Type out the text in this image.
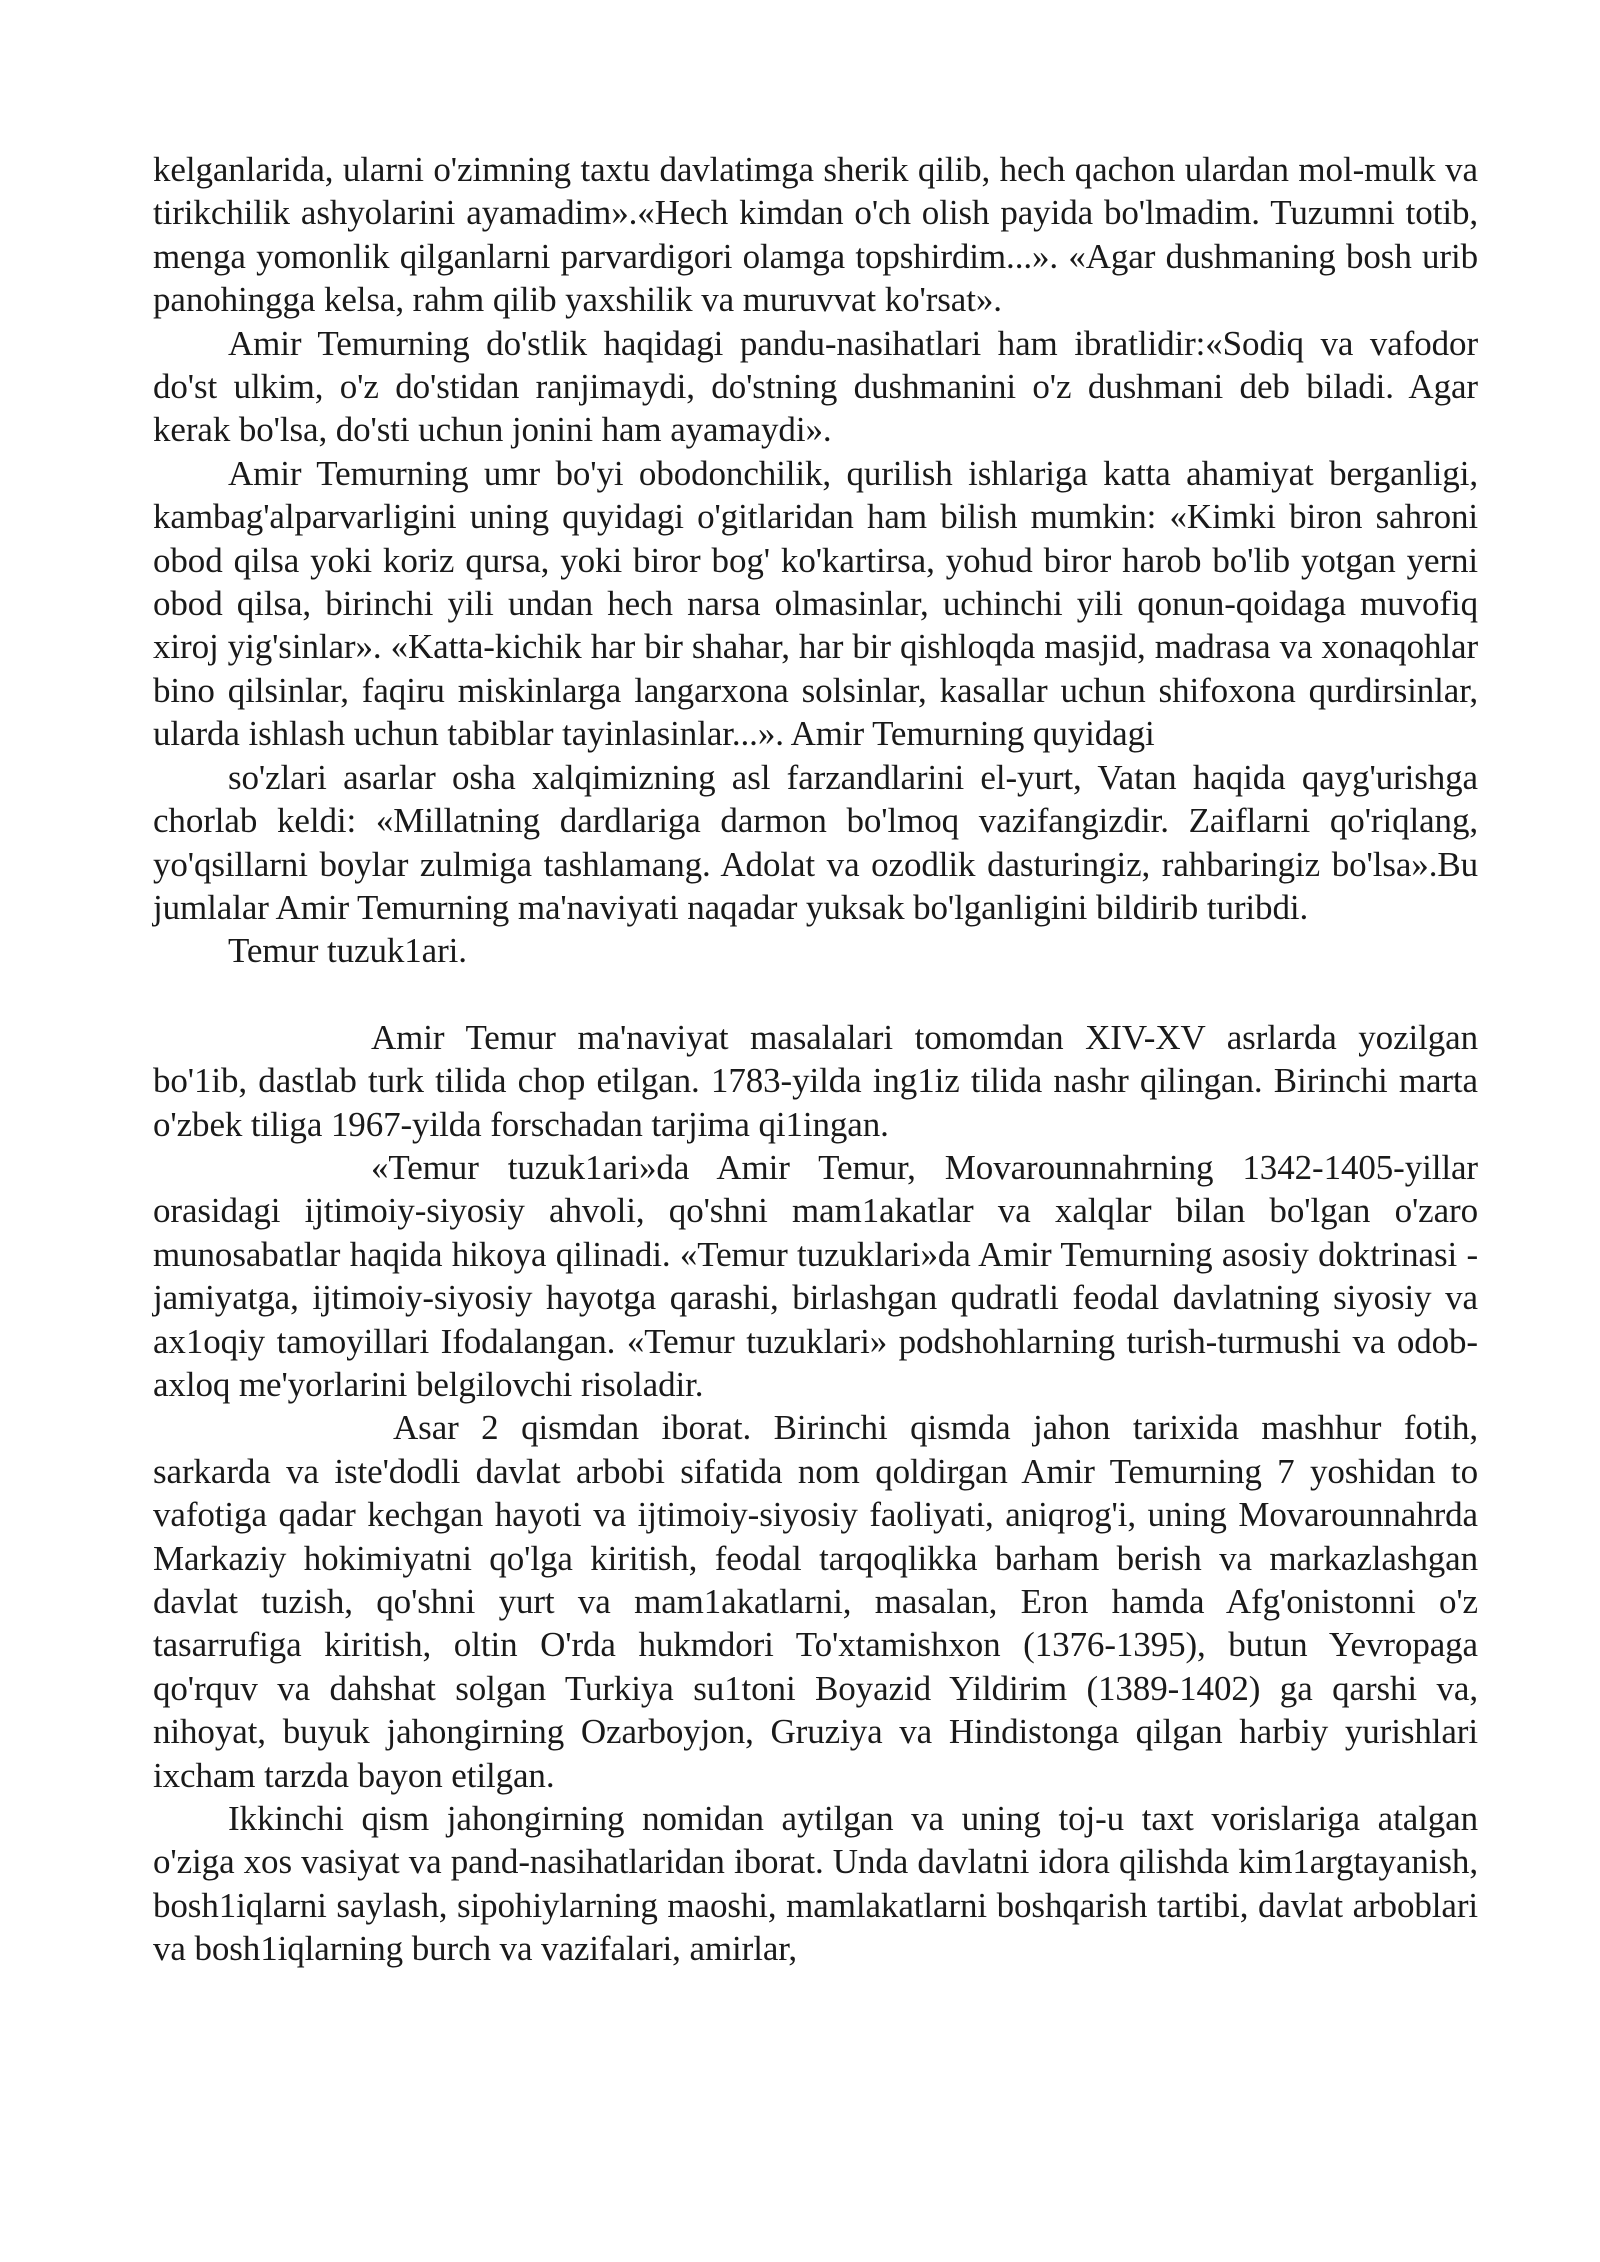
kelganlarida, ularni o'zimning taxtu davlatimga sherik qilib, hech qachon ulardan mol-mulk va tirikchilik ashyolarini ayamadim».«Hech kimdan o'ch olish payida bo'lmadim. Tuzumni totib, menga yomonlik qilganlarni parvardigori olamga topshirdim...». «Agar dushmaning bosh urib panohingga kelsa, rahm qilib yaxshilik va muruvvat ko'rsat».

Amir Temurning do'stlik haqidagi pandu-nasihatlari ham ibratlidir:«Sodiq va vafodor do'st ulkim, o'z do'stidan ranjimaydi, do'stning dushmanini o'z dushmani deb biladi. Agar kerak bo'lsa, do'sti uchun jonini ham ayamaydi».

Amir Temurning umr bo'yi obodonchilik, qurilish ishlariga katta ahamiyat berganligi, kambag'alparvarligini uning quyidagi o'gitlaridan ham bilish mumkin: «Kimki biron sahroni obod qilsa yoki koriz qursa, yoki biror bog' ko'kartirsa, yohud biror harob bo'lib yotgan yerni obod qilsa, birinchi yili undan hech narsa olmasinlar, uchinchi yili qonun-qoidaga muvofiq xiroj yig'sinlar». «Katta-kichik har bir shahar, har bir qishloqda masjid, madrasa va xonaqohlar bino qilsinlar, faqiru miskinlarga langarxona solsinlar, kasallar uchun shifoxona qurdirsinlar, ularda ishlash uchun tabiblar tayinlasinlar...». Amir Temurning quyidagi

so'zlari asarlar osha xalqimizning asl farzandlarini el-yurt, Vatan haqida qayg'urishga chorlab keldi: «Millatning dardlariga darmon bo'lmoq vazifangizdir. Zaiflarni qo'riqlang, yo'qsillarni boylar zulmiga tashlamang. Adolat va ozodlik dasturingiz, rahbaringiz bo'lsa».Bu jumlalar Amir Temurning ma'naviyati naqadar yuksak bo'lganligini bildirib turibdi.

Temur tuzuk1ari.

Amir Temur ma'naviyat masalalari tomomdan XIV-XV asrlarda yozilgan bo'1ib, dastlab turk tilida chop etilgan. 1783-yilda ing1iz tilida nashr qilingan. Birinchi marta o'zbek tiliga 1967-yilda forschadan tarjima qi1ingan.

«Temur tuzuk1ari»da Amir Temur, Movarounnahrning 1342-1405-yillar orasidagi ijtimoiy-siyosiy ahvoli, qo'shni mam1akatlar va xalqlar bilan bo'lgan o'zaro munosabatlar haqida hikoya qilinadi. «Temur tuzuklari»da Amir Temurning asosiy doktrinasi -jamiyatga, ijtimoiy-siyosiy hayotga qarashi, birlashgan qudratli feodal davlatning siyosiy va ax1oqiy tamoyillari Ifodalangan. «Temur tuzuklari» podshohlarning turish-turmushi va odob-axloq me'yorlarini belgilovchi risoladir.

Asar 2 qismdan iborat. Birinchi qismda jahon tarixida mashhur fotih, sarkarda va iste'dodli davlat arbobi sifatida nom qoldirgan Amir Temurning 7 yoshidan to vafotiga qadar kechgan hayoti va ijtimoiy-siyosiy faoliyati, aniqrog'i, uning Movarounnahrda Markaziy hokimiyatni qo'lga kiritish, feodal tarqoqlikka barham berish va markazlashgan davlat tuzish, qo'shni yurt va mam1akatlarni, masalan, Eron hamda Afg'onistonni o'z tasarrufiga kiritish, oltin O'rda hukmdori To'xtamishxon (1376-1395), butun Yevropaga qo'rquv va dahshat solgan Turkiya su1toni Boyazid Yildirim (1389-1402) ga qarshi va, nihoyat, buyuk jahongirning Ozarboyjon, Gruziya va Hindistonga qilgan harbiy yurishlari ixcham tarzda bayon etilgan.

Ikkinchi qism jahongirning nomidan aytilgan va uning toj-u taxt vorislariga atalgan o'ziga xos vasiyat va pand-nasihatlaridan iborat. Unda davlatni idora qilishda kim1argtayanish, bosh1iqlarni saylash, sipohiylarning maoshi, mamlakatlarni boshqarish tartibi, davlat arboblari va bosh1iqlarning burch va vazifalari, amirlar,
